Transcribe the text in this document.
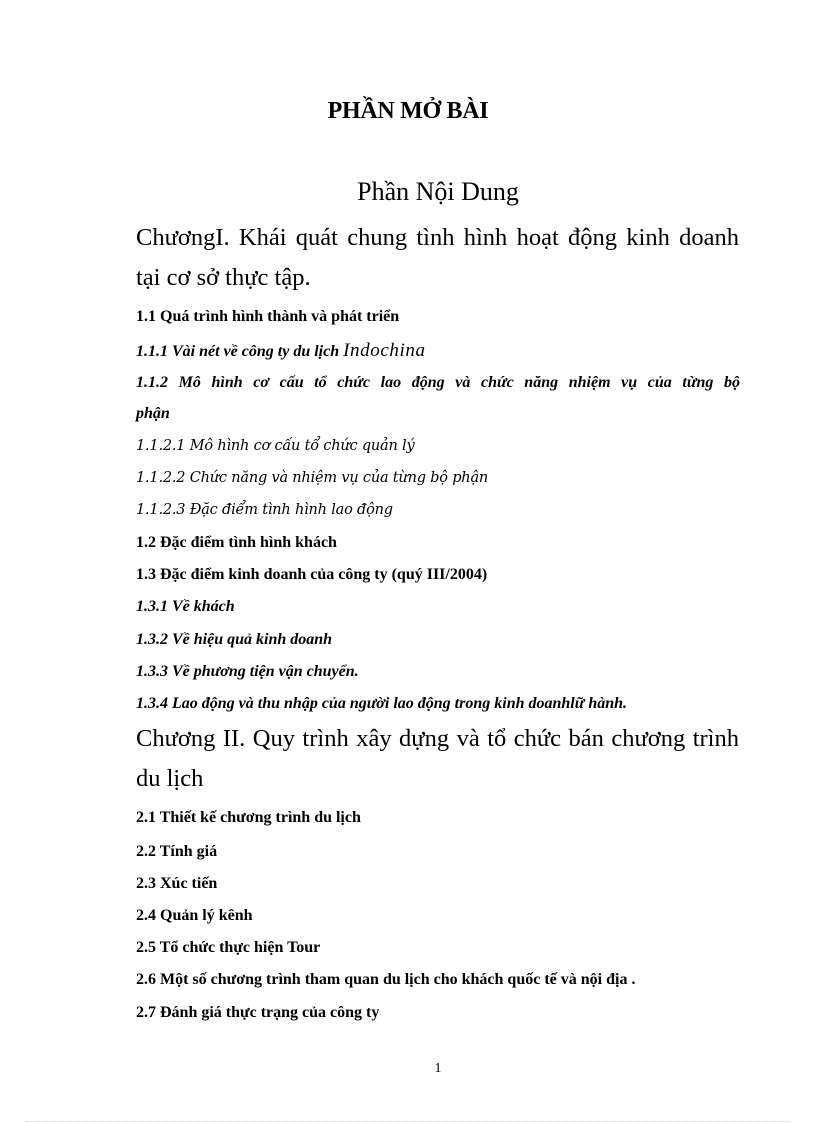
PHẦN MỞ BÀI
Phần Nội Dung
ChươngI. Khái quát chung tình hình hoạt động kinh doanh
tại cơ sở thực tập.
1.1 Quá trình hình thành và phát triển
1.1.1 Vài nét về công ty du lịch Indochina
1.1.2 Mô hình cơ cấu tổ chức lao động và chức năng nhiệm vụ của từng bộ
phận
1.1.2.1 Mô hình cơ cấu tổ chức quản lý
1.1.2.2 Chức năng và nhiệm vụ của từng bộ phận
1.1.2.3 Đặc điểm tình hình lao động
1.2 Đặc điểm tình hình khách
1.3 Đặc điểm kinh doanh của công ty (quý III/2004)
1.3.1 Về khách
1.3.2 Về hiệu quả kinh doanh
1.3.3 Về phương tiện vận chuyển.
1.3.4 Lao động và thu nhập của người lao động trong kinh doanhlữ hành.
Chương II. Quy trình xây dựng và tổ chức bán chương trình
du lịch
2.1 Thiết kế chương trình du lịch
2.2 Tính giá
2.3 Xúc tiến
2.4 Quản lý kênh
2.5 Tổ chức thực hiện Tour
2.6 Một số chương trình tham quan du lịch cho khách quốc tế và nội địa .
2.7 Đánh giá thực trạng của công ty
1
